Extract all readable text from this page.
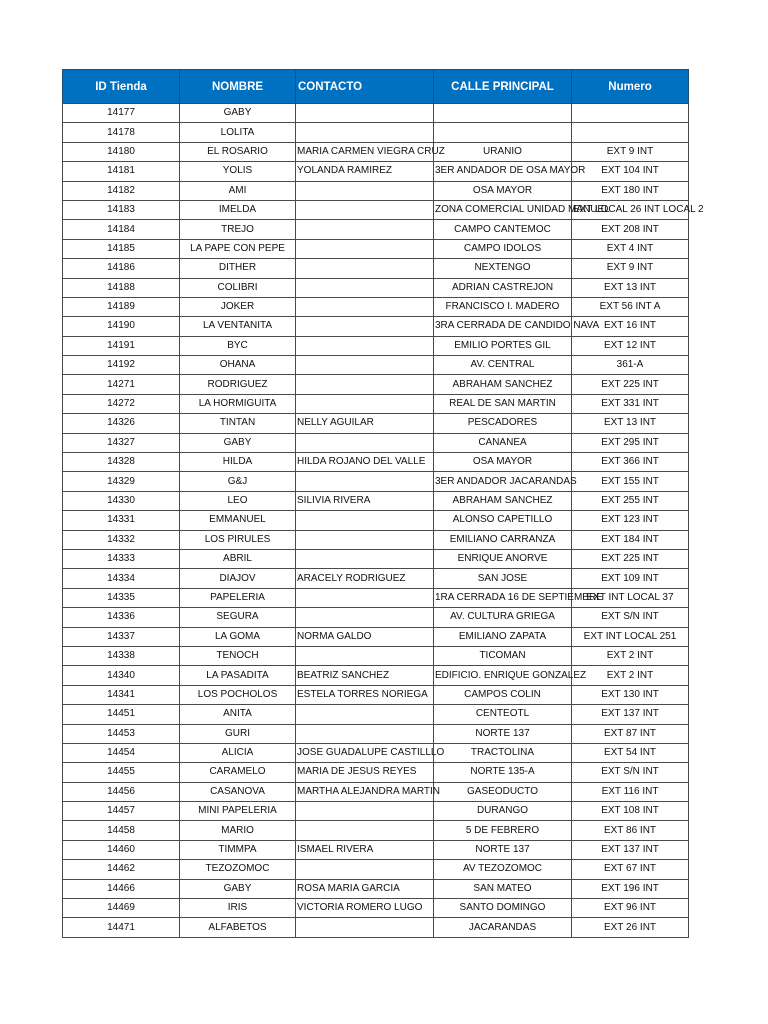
ID Tienda	NOMBRE	CONTACTO	CALLE PRINCIPAL	Numero
14177	GABY			
14178	LOLITA			
14180	EL ROSARIO	MARIA CARMEN VIEGRA CRUZ	URANIO	EXT 9 INT
14181	YOLIS	YOLANDA RAMIREZ	3ER ANDADOR DE OSA MAYOR	EXT 104 INT
14182	AMI		OSA MAYOR	EXT 180 INT
14183	IMELDA		ZONA COMERCIAL UNIDAD MANUEL	EXT LOCAL 26 INT LOCAL 2
14184	TREJO		CAMPO CANTEMOC	EXT 208 INT
14185	LA PAPE CON PEPE		CAMPO IDOLOS	EXT 4 INT
14186	DITHER		NEXTENGO	EXT 9 INT
14188	COLIBRI		ADRIAN CASTREJON	EXT 13 INT
14189	JOKER		FRANCISCO I. MADERO	EXT 56 INT A
14190	LA VENTANITA		3RA CERRADA DE CANDIDO NAVA	EXT 16 INT
14191	BYC		EMILIO PORTES GIL	EXT 12 INT
14192	OHANA		AV. CENTRAL	361-A
14271	RODRIGUEZ		ABRAHAM SANCHEZ	EXT 225 INT
14272	LA HORMIGUITA		REAL DE SAN MARTIN	EXT 331 INT
14326	TINTAN	NELLY AGUILAR	PESCADORES	EXT 13 INT
14327	GABY		CANANEA	EXT 295 INT
14328	HILDA	HILDA ROJANO DEL VALLE	OSA MAYOR	EXT 366 INT
14329	G&J		3ER ANDADOR JACARANDAS	EXT 155 INT
14330	LEO	SILIVIA RIVERA	ABRAHAM SANCHEZ	EXT 255 INT
14331	EMMANUEL		ALONSO CAPETILLO	EXT 123 INT
14332	LOS PIRULES		EMILIANO CARRANZA	EXT 184 INT
14333	ABRIL		ENRIQUE ANORVE	EXT 225 INT
14334	DIAJOV	ARACELY RODRIGUEZ	SAN JOSE	EXT 109 INT
14335	PAPELERIA		1RA CERRADA 16 DE SEPTIEMBRE	EXT INT LOCAL 37
14336	SEGURA		AV. CULTURA GRIEGA	EXT S/N INT
14337	LA GOMA	NORMA GALDO	EMILIANO ZAPATA	EXT INT LOCAL 251
14338	TENOCH		TICOMAN	EXT 2 INT
14340	LA PASADITA	BEATRIZ SANCHEZ	EDIFICIO. ENRIQUE GONZALEZ	EXT 2 INT
14341	LOS POCHOLOS	ESTELA TORRES NORIEGA	CAMPOS COLIN	EXT 130 INT
14451	ANITA		CENTEOTL	EXT 137 INT
14453	GURI		NORTE 137	EXT 87 INT
14454	ALICIA	JOSE GUADALUPE CASTILLLO	TRACTOLINA	EXT 54 INT
14455	CARAMELO	MARIA DE JESUS REYES	NORTE 135-A	EXT S/N INT
14456	CASANOVA	MARTHA ALEJANDRA MARTIN	GASEODUCTO	EXT 116 INT
14457	MINI PAPELERIA		DURANGO	EXT 108 INT
14458	MARIO		5 DE FEBRERO	EXT 86 INT
14460	TIMMPA	ISMAEL RIVERA	NORTE 137	EXT 137 INT
14462	TEZOZOMOC		AV TEZOZOMOC	EXT 67 INT
14466	GABY	ROSA MARIA GARCIA	SAN MATEO	EXT 196 INT
14469	IRIS	VICTORIA ROMERO LUGO	SANTO DOMINGO	EXT 96 INT
14471	ALFABETOS		JACARANDAS	EXT 26 INT
